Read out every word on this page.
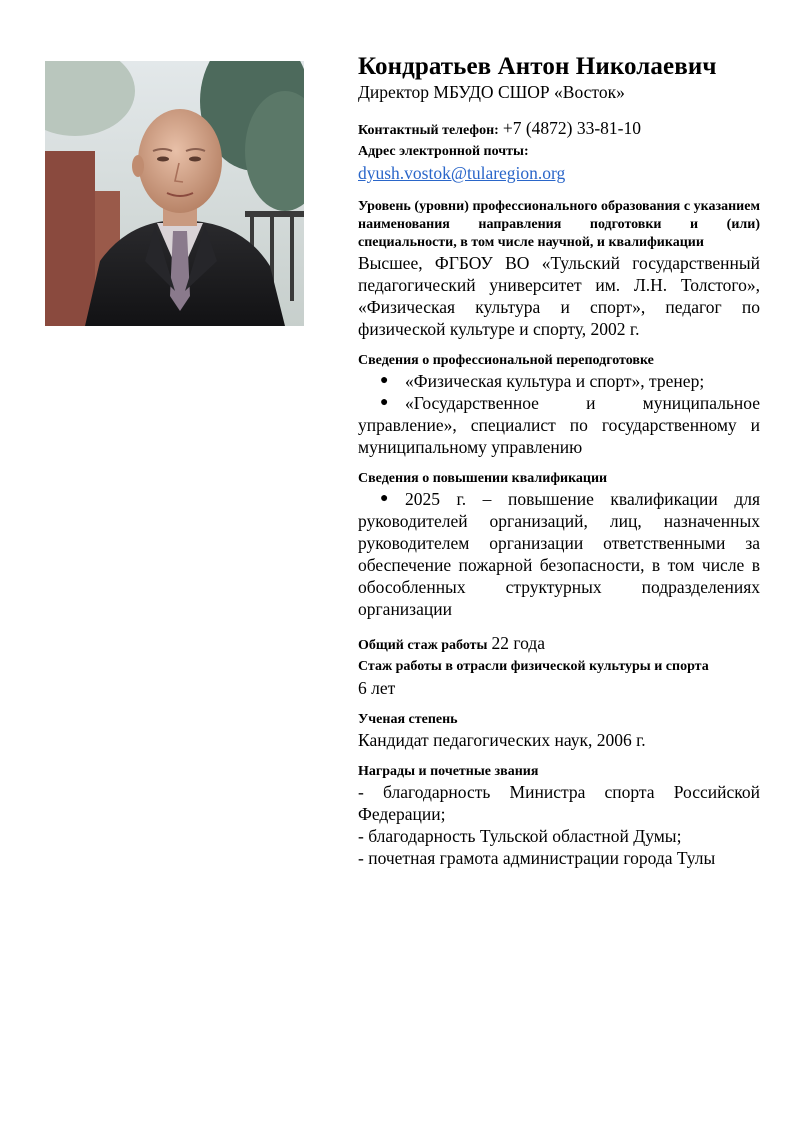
Кондратьев Антон Николаевич

Директор МБУДО СШОР «Восток»

Контактный телефон: +7 (4872) 33-81-10

Адрес электронной почты:

dyush.vostok@tularegion.org

Уровень (уровни) профессионального образования с указанием наименования направления подготовки и (или) специальности, в том числе научной, и квалификации

Высшее, ФГБОУ ВО «Тульский государственный педагогический университет им. Л.Н. Толстого», «Физическая культура и спорт», педагог по физической культуре и спорту, 2002 г.

Сведения о профессиональной переподготовке

● «Физическая культура и спорт», тренер;

● «Государственное и муниципальное управление», специалист по государственному и муниципальному управлению

Сведения о повышении квалификации

● 2025 г. – повышение квалификации для руководителей организаций, лиц, назначенных руководителем организации ответственными за обеспечение пожарной безопасности, в том числе в обособленных структурных подразделениях организации

Общий стаж работы 22 года

Стаж работы в отрасли физической культуры и спорта

6 лет

Ученая степень

Кандидат педагогических наук, 2006 г.

Награды и почетные звания

- благодарность Министра спорта Российской Федерации;

- благодарность Тульской областной Думы;

- почетная грамота администрации города Тулы
